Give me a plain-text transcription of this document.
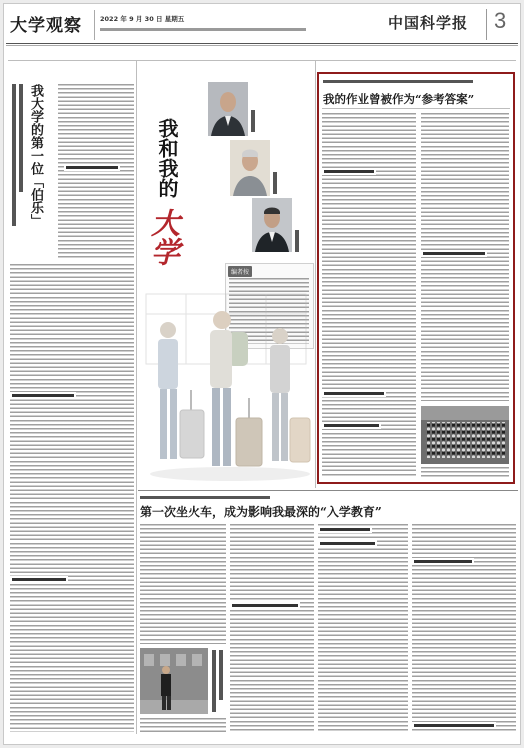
大学观察	2022 年 9 月 30 日 星期五	中国科学报 3
我大学的第一位「伯乐」	我和我的
大学
编者按
我的作业曾被作为“参考答案”
第一次坐火车，成为影响我最深的“入学教育”
